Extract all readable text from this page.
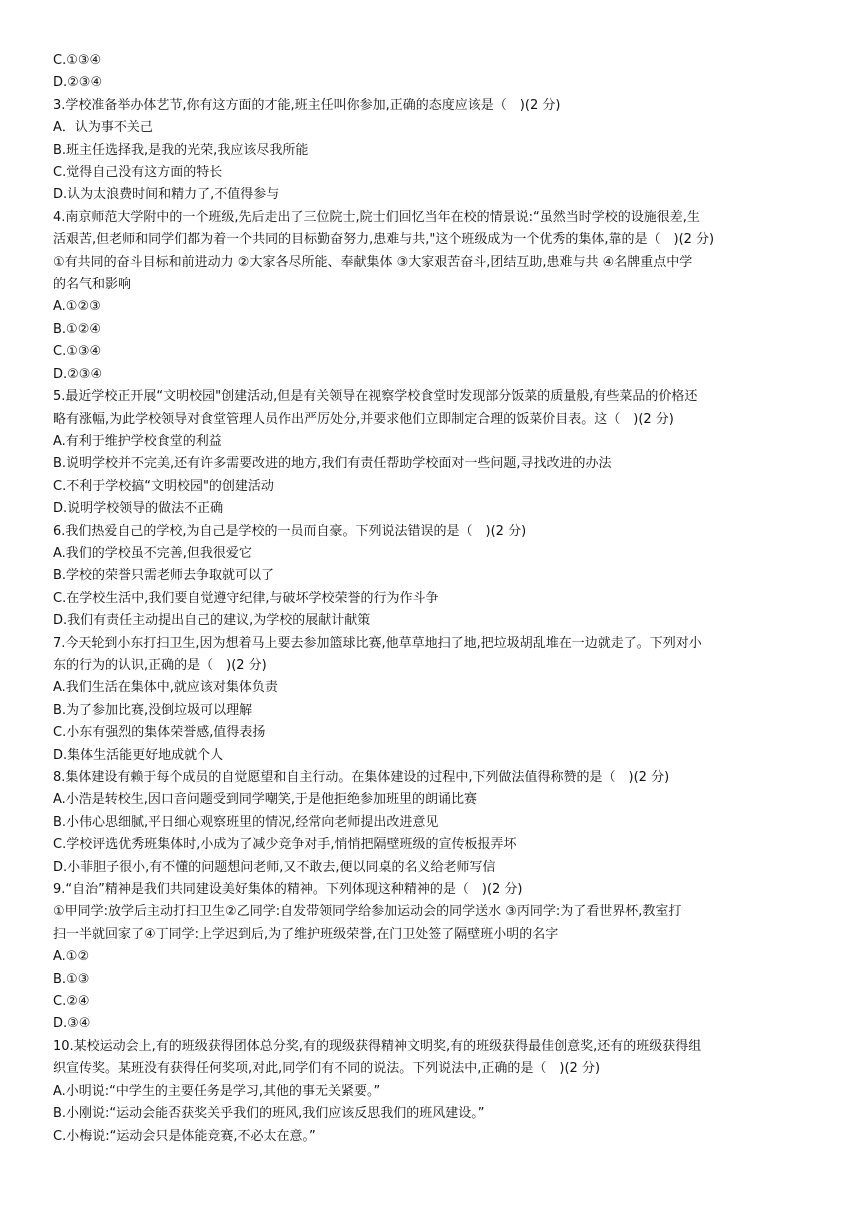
C.①③④
D.②③④
3.学校准备举办体艺节,你有这方面的才能,班主任叫你参加,正确的态度应该是（　)(2 分)
A．认为事不关己
B.班主任选择我,是我的光荣,我应该尽我所能
C.觉得自己没有这方面的特长
D.认为太浪费时间和精力了,不值得参与
4.南京师范大学附中的一个班级,先后走出了三位院士,院士们回忆当年在校的情景说:“虽然当时学校的设施很差,生
活艰苦,但老师和同学们都为着一个共同的目标勤奋努力,患难与共,"这个班级成为一个优秀的集体,靠的是（　)(2 分)
①有共同的奋斗目标和前进动力 ②大家各尽所能、奉献集体 ③大家艰苦奋斗,团结互助,患难与共 ④名牌重点中学
的名气和影响
A.①②③
B.①②④
C.①③④
D.②③④
5.最近学校正开展“文明校园"创建活动,但是有关领导在视察学校食堂时发现部分饭菜的质量般,有些菜品的价格还
略有涨幅,为此学校领导对食堂管理人员作出严厉处分,并要求他们立即制定合理的饭菜价目表。这（　)(2 分)
A.有利于维护学校食堂的利益
B.说明学校并不完美,还有许多需要改进的地方,我们有责任帮助学校面对一些问题,寻找改进的办法
C.不利于学校搞“文明校园"的创建活动
D.说明学校领导的做法不正确
6.我们热爱自己的学校,为自己是学校的一员而自豪。下列说法错误的是（　)(2 分)
A.我们的学校虽不完善,但我很爱它
B.学校的荣誉只需老师去争取就可以了
C.在学校生活中,我们要自觉遵守纪律,与破坏学校荣誉的行为作斗争
D.我们有责任主动提出自己的建议,为学校的展献计献策
7.今天轮到小东打扫卫生,因为想着马上要去参加篮球比赛,他草草地扫了地,把垃圾胡乱堆在一边就走了。下列对小
东的行为的认识,正确的是（　)(2 分)
A.我们生活在集体中,就应该对集体负责
B.为了参加比赛,没倒垃圾可以理解
C.小东有强烈的集体荣誉感,值得表扬
D.集体生活能更好地成就个人
8.集体建设有赖于每个成员的自觉愿望和自主行动。在集体建设的过程中,下列做法值得称赞的是（　)(2 分)
A.小浩是转校生,因口音问题受到同学嘲笑,于是他拒绝参加班里的朗诵比赛
B.小伟心思细腻,平日细心观察班里的情况,经常向老师提出改进意见
C.学校评选优秀班集体时,小成为了减少竞争对手,悄悄把隔壁班级的宣传板报弄坏
D.小菲胆子很小,有不懂的问题想问老师,又不敢去,便以同桌的名义给老师写信
9.“自治”精神是我们共同建设美好集体的精神。下列体现这种精神的是（　)(2 分)
①甲同学:放学后主动打扫卫生②乙同学:自发带领同学给参加运动会的同学送水 ③丙同学:为了看世界杯,教室打
扫一半就回家了④丁同学:上学迟到后,为了维护班级荣誉,在门卫处签了隔壁班小明的名字
A.①②
B.①③
C.②④
D.③④
10.某校运动会上,有的班级获得团体总分奖,有的现级获得精神文明奖,有的班级获得最佳创意奖,还有的班级获得组
织宣传奖。某班没有获得任何奖项,对此,同学们有不同的说法。下列说法中,正确的是（　)(2 分)
A.小明说:“中学生的主要任务是学习,其他的事无关紧要。”
B.小刚说:“运动会能否获奖关乎我们的班风,我们应该反思我们的班风建设。”
C.小梅说:“运动会只是体能竞赛,不必太在意。”
